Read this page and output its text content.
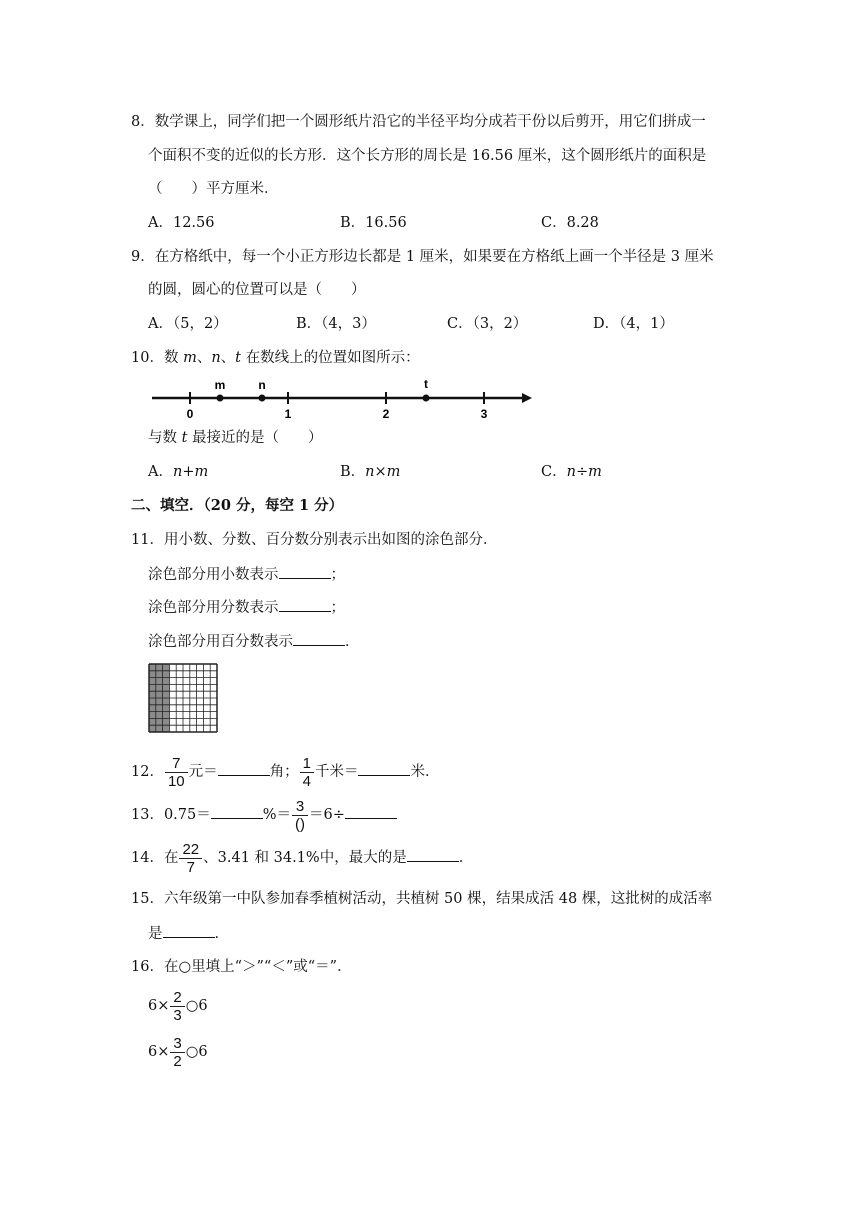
8．数学课上，同学们把一个圆形纸片沿它的半径平均分成若干份以后剪开，用它们拼成一
个面积不变的近似的长方形．这个长方形的周长是 16.56 厘米，这个圆形纸片的面积是
（　　）平方厘米．
A．12.56	B．16.56	C．8.28
9．在方格纸中，每一个小正方形边长都是 1 厘米，如果要在方格纸上画一个半径是 3 厘米
的圆，圆心的位置可以是（　　）
A．（5，2）	B．（4，3）	C．（3，2）	D．（4，1）
10．数 m、n、t 在数线上的位置如图所示：
m	n	t
0	1	2	3
与数 t 最接近的是（　　）
A．n+m	B．n×m	C．n÷m
二、填空．（20 分，每空 1 分）
11．用小数、分数、百分数分别表示出如图的涂色部分．
涂色部分用小数表示	；
涂色部分用分数表示	；
涂色部分用百分数表示	．
12． $\frac{7}{10}$ 元＝	角； $\frac{1}{4}$ 千米＝	米．
13．0.75＝	%＝ $\frac{3}{()} =6\div$
14．在 $\frac{22}{7}$ 、3.41 和 34.1%中，最大的是	．
15．六年级第一中队参加春季植树活动，共植树 50 棵，结果成活 48 棵，这批树的成活率
是	．
16．在○里填上“＞”“＜”或“＝”．
$6\times \frac{2}{3}$ ○6
$6\times \frac{3}{2}$ ○6
